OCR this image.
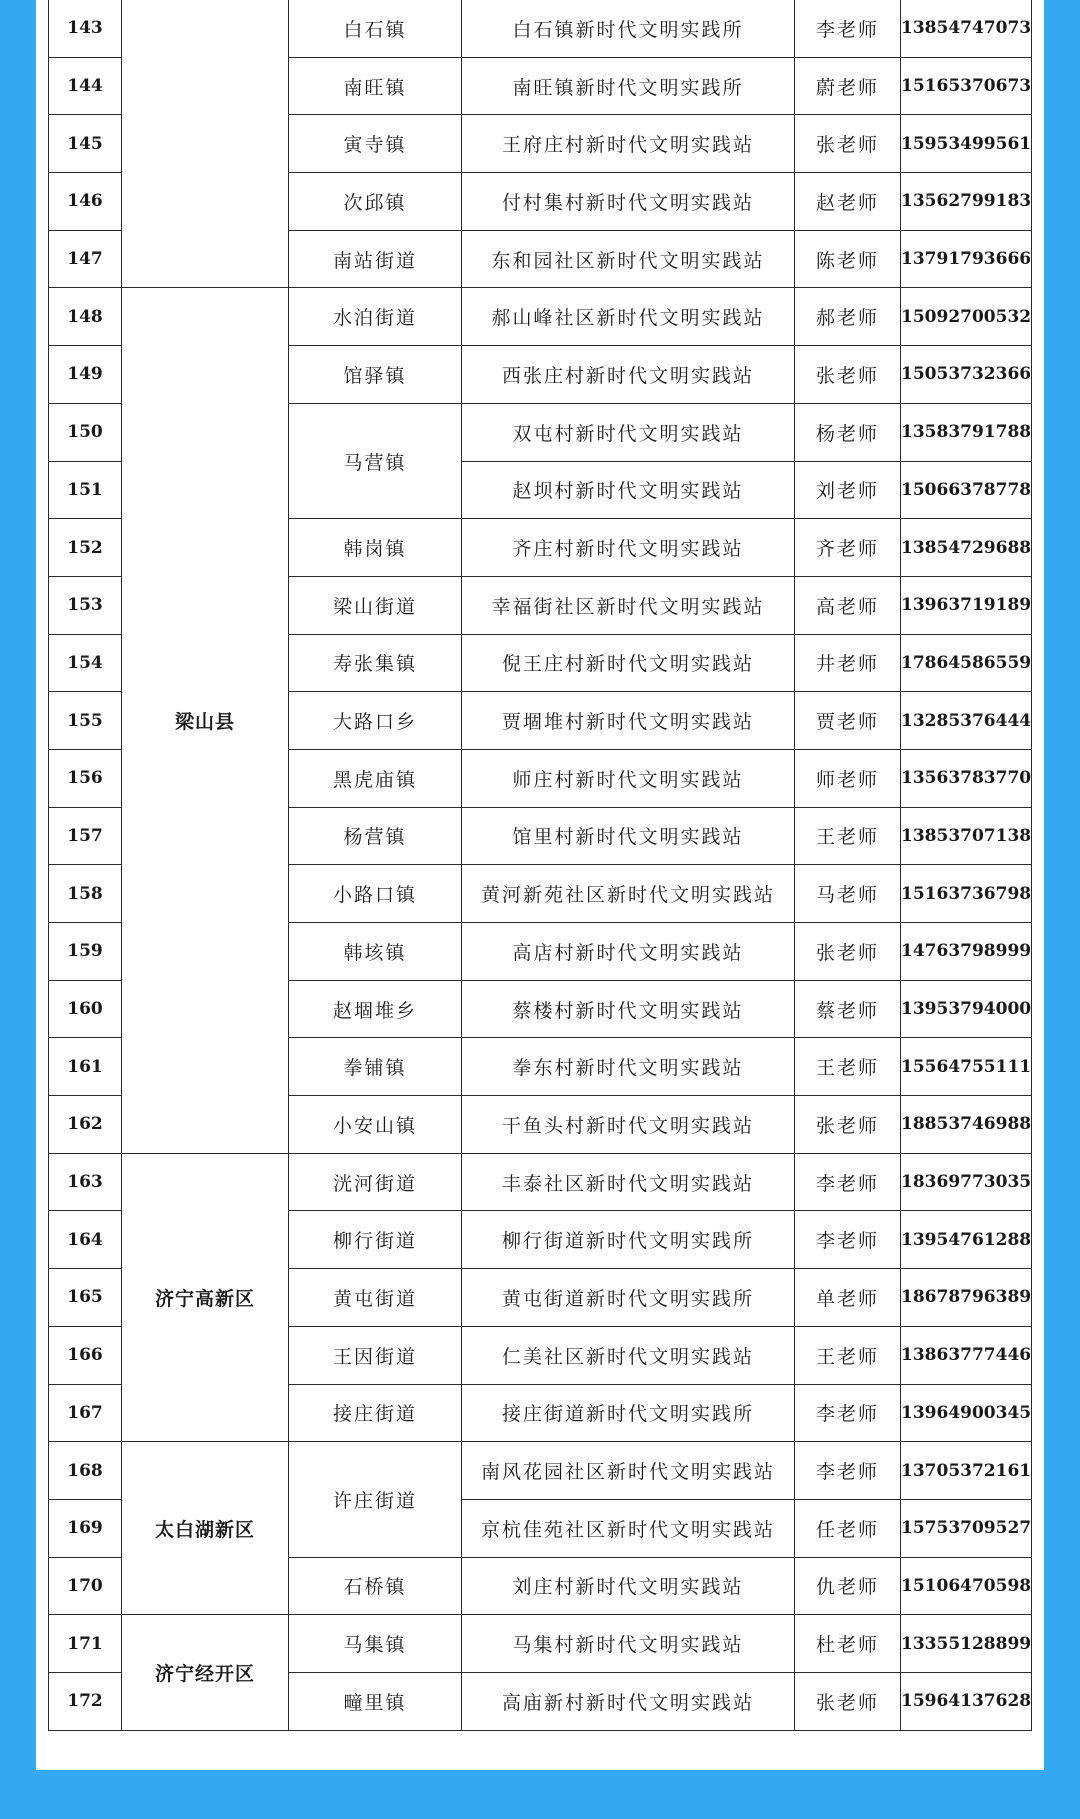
143		白石镇	白石镇新时代文明实践所	李老师	13854747073
144		南旺镇	南旺镇新时代文明实践所	蔚老师	15165370673
145		寅寺镇	王府庄村新时代文明实践站	张老师	15953499561
146		次邱镇	付村集村新时代文明实践站	赵老师	13562799183
147		南站街道	东和园社区新时代文明实践站	陈老师	13791793666
148	梁山县	水泊街道	郝山峰社区新时代文明实践站	郝老师	15092700532
149		馆驿镇	西张庄村新时代文明实践站	张老师	15053732366
150		马营镇	双屯村新时代文明实践站	杨老师	13583791788
151			赵坝村新时代文明实践站	刘老师	15066378778
152		韩岗镇	齐庄村新时代文明实践站	齐老师	13854729688
153		梁山街道	幸福街社区新时代文明实践站	高老师	13963719189
154		寿张集镇	倪王庄村新时代文明实践站	井老师	17864586559
155		大路口乡	贾堌堆村新时代文明实践站	贾老师	13285376444
156		黑虎庙镇	师庄村新时代文明实践站	师老师	13563783770
157		杨营镇	馆里村新时代文明实践站	王老师	13853707138
158		小路口镇	黄河新苑社区新时代文明实践站	马老师	15163736798
159		韩垓镇	高店村新时代文明实践站	张老师	14763798999
160		赵堌堆乡	蔡楼村新时代文明实践站	蔡老师	13953794000
161		拳铺镇	拳东村新时代文明实践站	王老师	15564755111
162		小安山镇	干鱼头村新时代文明实践站	张老师	18853746988
163	济宁高新区	洸河街道	丰泰社区新时代文明实践站	李老师	18369773035
164		柳行街道	柳行街道新时代文明实践所	李老师	13954761288
165		黄屯街道	黄屯街道新时代文明实践所	单老师	18678796389
166		王因街道	仁美社区新时代文明实践站	王老师	13863777446
167		接庄街道	接庄街道新时代文明实践所	李老师	13964900345
168	太白湖新区	许庄街道	南风花园社区新时代文明实践站	李老师	13705372161
169			京杭佳苑社区新时代文明实践站	任老师	15753709527
170		石桥镇	刘庄村新时代文明实践站	仇老师	15106470598
171	济宁经开区	马集镇	马集村新时代文明实践站	杜老师	13355128899
172		疃里镇	高庙新村新时代文明实践站	张老师	15964137628
